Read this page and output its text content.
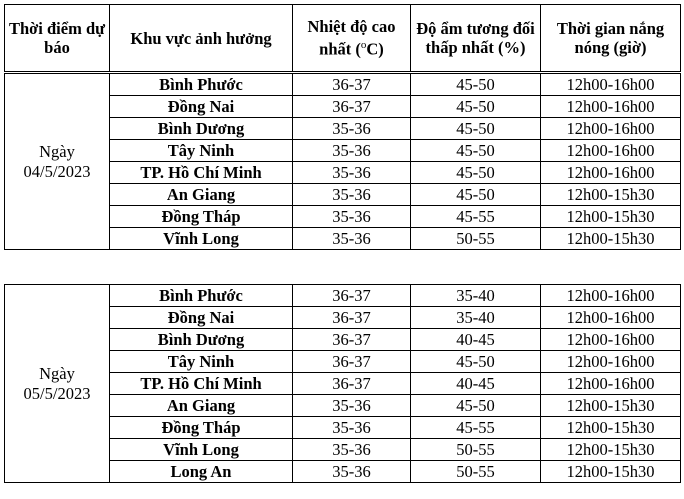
Thời điểm dự báo	Khu vực ảnh hưởng	Nhiệt độ cao nhất ($^o$C)	Độ ẩm tương đối thấp nhất (%)	Thời gian nắng nóng (giờ)
Ngày
04/5/2023	Bình Phước	36-37	45-50	12h00-16h00
	Đồng Nai	36-37	45-50	12h00-16h00
	Bình Dương	35-36	45-50	12h00-16h00
	Tây Ninh	35-36	45-50	12h00-16h00
	TP. Hồ Chí Minh	35-36	45-50	12h00-16h00
	An Giang	35-36	45-50	12h00-15h30
	Đồng Tháp	35-36	45-55	12h00-15h30
	Vĩnh Long	35-36	50-55	12h00-15h30
Ngày
05/5/2023	Bình Phước	36-37	35-40	12h00-16h00
	Đồng Nai	36-37	35-40	12h00-16h00
	Bình Dương	36-37	40-45	12h00-16h00
	Tây Ninh	36-37	45-50	12h00-16h00
	TP. Hồ Chí Minh	36-37	40-45	12h00-16h00
	An Giang	35-36	45-50	12h00-15h30
	Đồng Tháp	35-36	45-55	12h00-15h30
	Vĩnh Long	35-36	50-55	12h00-15h30
	Long An	35-36	50-55	12h00-15h30
